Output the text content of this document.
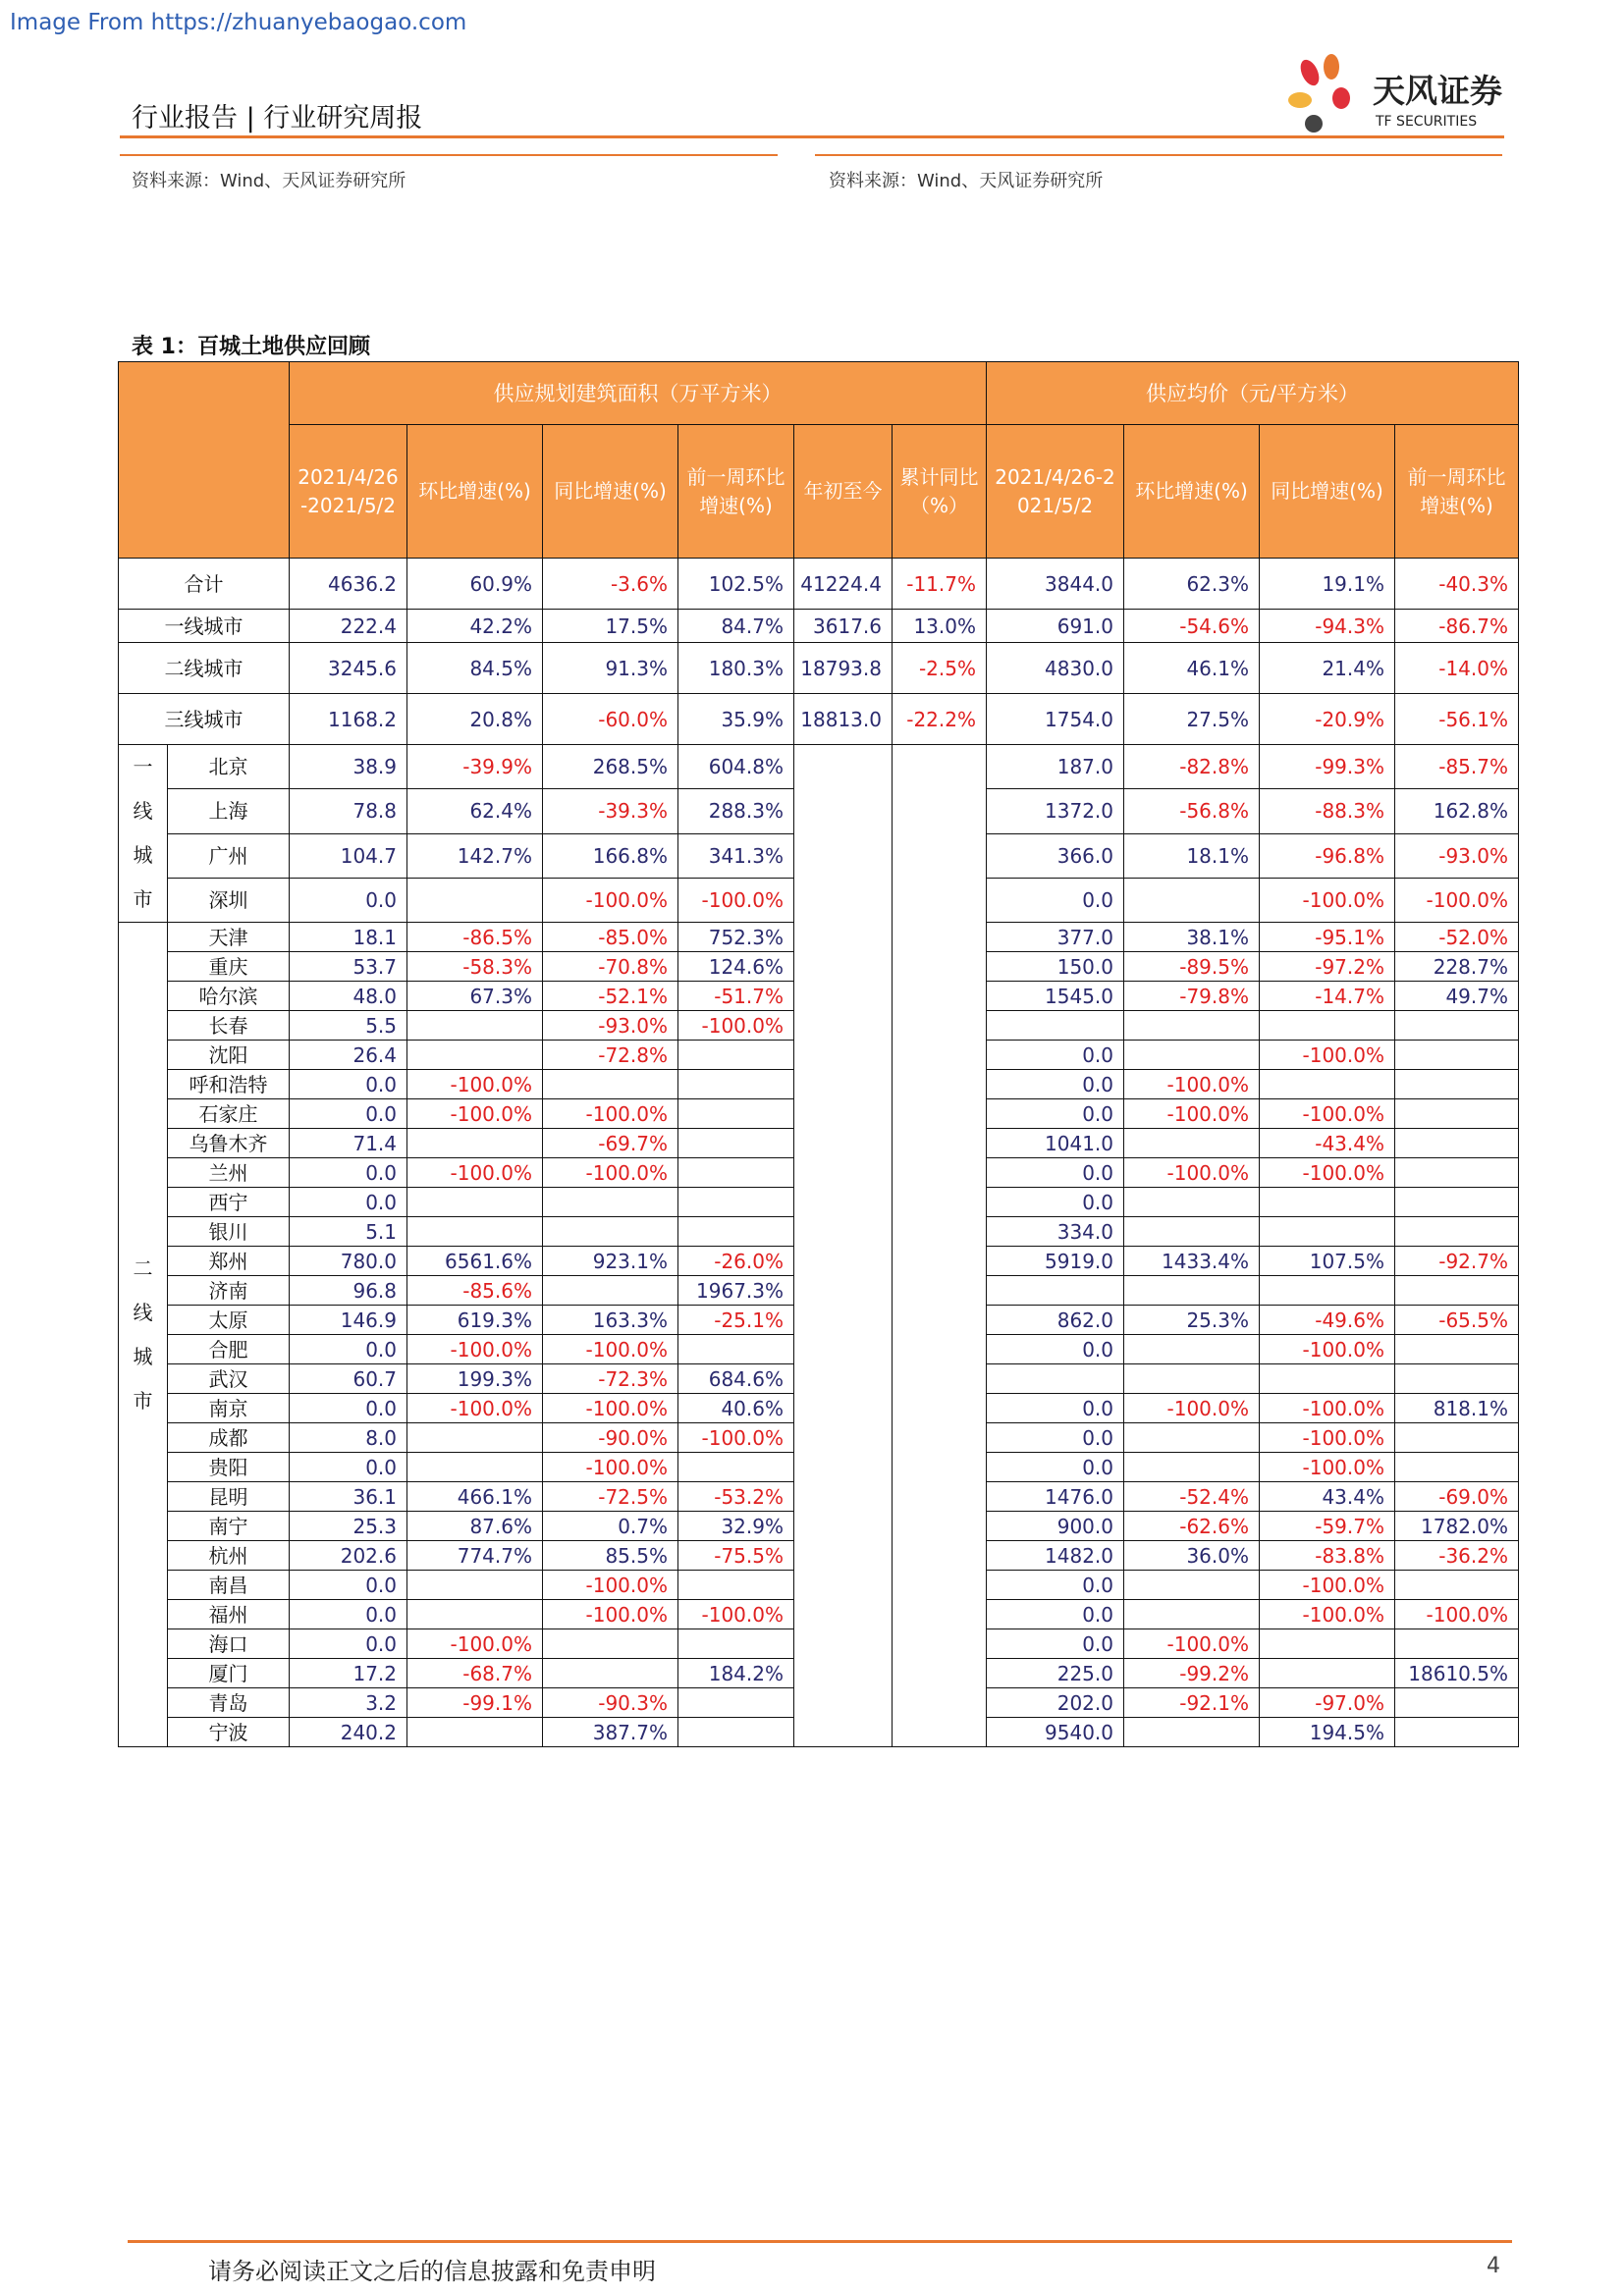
Image From https://zhuanyebaogao.com
行业报告 | 行业研究周报
天风证券
TF SECURITIES
资料来源：Wind、天风证券研究所	资料来源：Wind、天风证券研究所
表 1：百城土地供应回顾
		供应规划建筑面积（万平方米）						供应均价（元/平方米）			
		2021/4/26-2021/5/2	环比增速(%)	同比增速(%)	前一周环比增速(%)	年初至今	累计同比（%）	2021/4/26-2021/5/2	环比增速(%)	同比增速(%)	前一周环比增速(%)
合计		4636.2	60.9%	-3.6%	102.5%	41224.4	-11.7%	3844.0	62.3%	19.1%	-40.3%
一线城市		222.4	42.2%	17.5%	84.7%	3617.6	13.0%	691.0	-54.6%	-94.3%	-86.7%
二线城市		3245.6	84.5%	91.3%	180.3%	18793.8	-2.5%	4830.0	46.1%	21.4%	-14.0%
三线城市		1168.2	20.8%	-60.0%	35.9%	18813.0	-22.2%	1754.0	27.5%	-20.9%	-56.1%

一
线
城
市	北京	38.9	-39.9%	268.5%	604.8%			187.0	-82.8%	-99.3%	-85.7%
	上海	78.8	62.4%	-39.3%	288.3%			1372.0	-56.8%	-88.3%	162.8%
	广州	104.7	142.7%	166.8%	341.3%			366.0	18.1%	-96.8%	-93.0%
	深圳	0.0		-100.0%	-100.0%			0.0		-100.0%	-100.0%

二
线
城
市	天津	18.1	-86.5%	-85.0%	752.3%			377.0	38.1%	-95.1%	-52.0%
	重庆	53.7	-58.3%	-70.8%	124.6%			150.0	-89.5%	-97.2%	228.7%
	哈尔滨	48.0	67.3%	-52.1%	-51.7%			1545.0	-79.8%	-14.7%	49.7%
	长春	5.5		-93.0%	-100.0%						
	沈阳	26.4		-72.8%				0.0		-100.0%	
	呼和浩特	0.0	-100.0%					0.0	-100.0%		
	石家庄	0.0	-100.0%	-100.0%				0.0	-100.0%	-100.0%	
	乌鲁木齐	71.4		-69.7%				1041.0		-43.4%	
	兰州	0.0	-100.0%	-100.0%				0.0	-100.0%	-100.0%	
	西宁	0.0						0.0			
	银川	5.1						334.0			
	郑州	780.0	6561.6%	923.1%	-26.0%			5919.0	1433.4%	107.5%	-92.7%
	济南	96.8	-85.6%		1967.3%						
	太原	146.9	619.3%	163.3%	-25.1%			862.0	25.3%	-49.6%	-65.5%
	合肥	0.0	-100.0%	-100.0%				0.0		-100.0%	
	武汉	60.7	199.3%	-72.3%	684.6%						
	南京	0.0	-100.0%	-100.0%	40.6%			0.0	-100.0%	-100.0%	818.1%
	成都	8.0		-90.0%	-100.0%			0.0		-100.0%	
	贵阳	0.0		-100.0%				0.0		-100.0%	
	昆明	36.1	466.1%	-72.5%	-53.2%			1476.0	-52.4%	43.4%	-69.0%
	南宁	25.3	87.6%	0.7%	32.9%			900.0	-62.6%	-59.7%	1782.0%
	杭州	202.6	774.7%	85.5%	-75.5%			1482.0	36.0%	-83.8%	-36.2%
	南昌	0.0		-100.0%				0.0		-100.0%	
	福州	0.0		-100.0%	-100.0%			0.0		-100.0%	-100.0%
	海口	0.0	-100.0%					0.0	-100.0%		
	厦门	17.2	-68.7%		184.2%			225.0	-99.2%		18610.5%
	青岛	3.2	-99.1%	-90.3%				202.0	-92.1%	-97.0%	
	宁波	240.2		387.7%				9540.0		194.5%	
请务必阅读正文之后的信息披露和免责申明	4
